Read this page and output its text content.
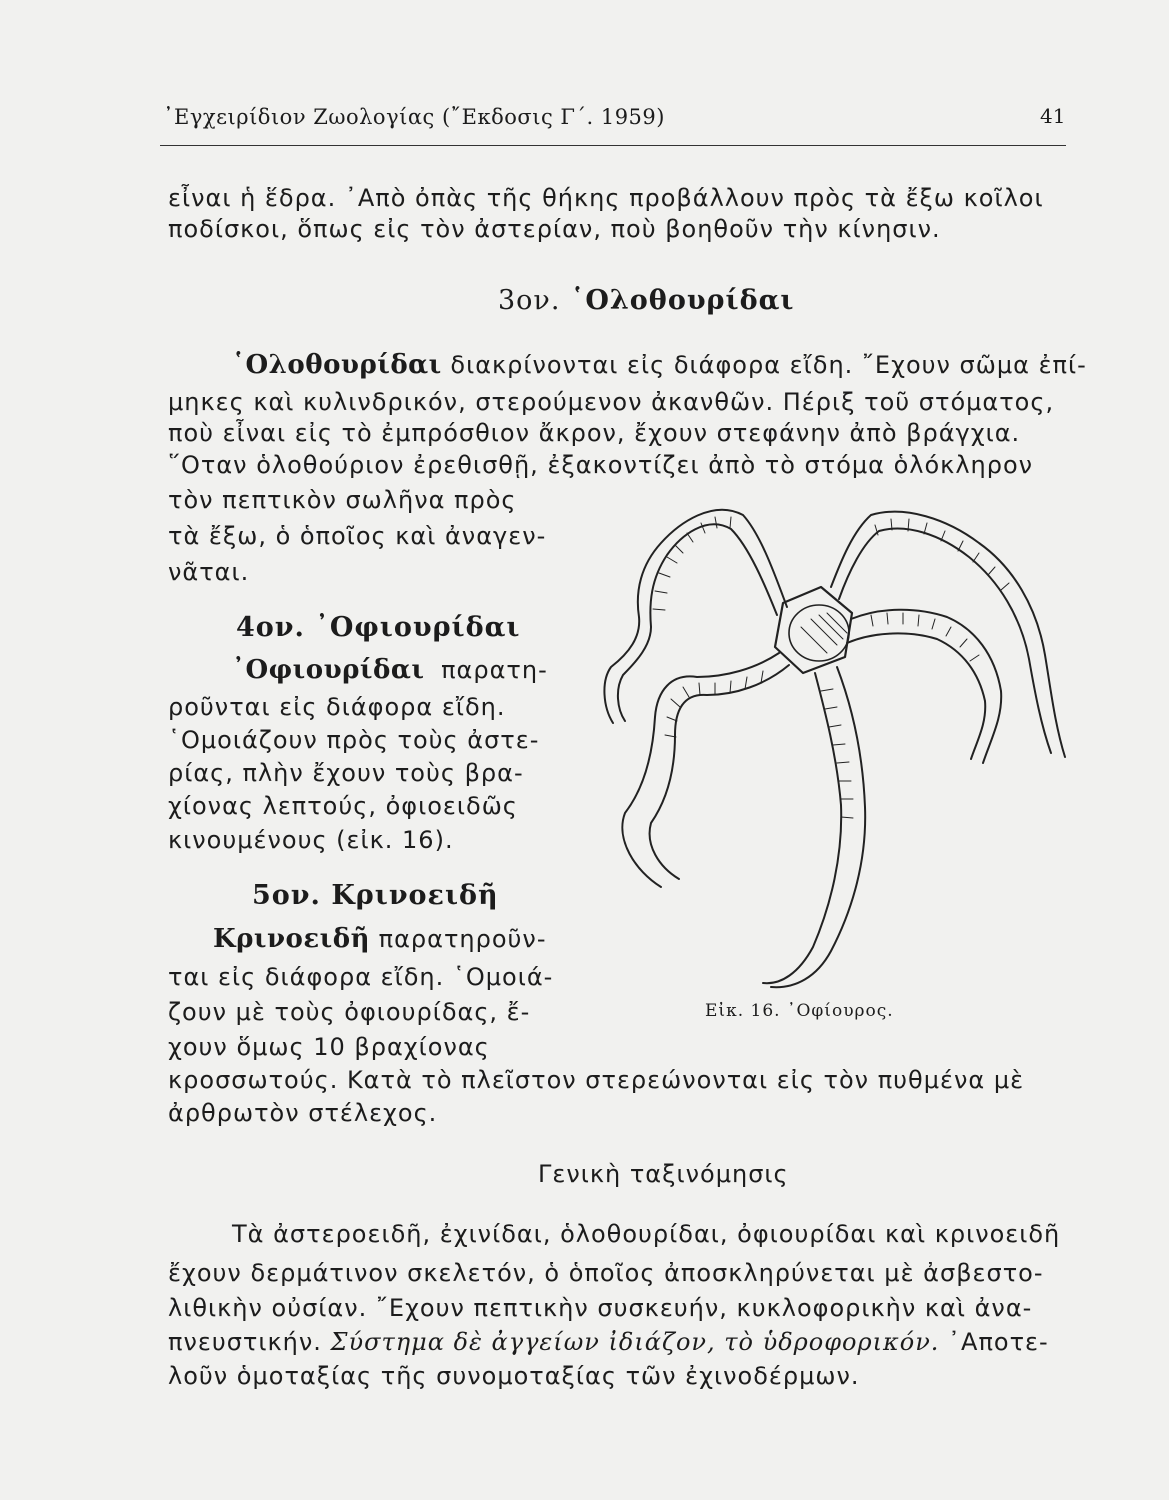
᾿Εγχειρίδιον Ζωολογίας (῎Εκδοσις Γ΄. 1959)	41
εἶναι ἡ ἕδρα. ᾿Απὸ ὀπὰς τῆς θήκης προβάλλουν πρὸς τὰ ἔξω κοῖλοι
ποδίσκοι, ὅπως εἰς τὸν ἀστερίαν, ποὺ βοηθοῦν τὴν κίνησιν.
3ον. ῾Ολοθουρίδαι
῾Ολοθουρίδαι διακρίνονται εἰς διάφορα εἴδη. ῎Εχουν σῶμα ἐπί-
μηκες καὶ κυλινδρικόν, στερούμενον ἀκανθῶν. Πέριξ τοῦ στόματος,
ποὺ εἶναι εἰς τὸ ἐμπρόσθιον ἄκρον, ἔχουν στεφάνην ἀπὸ βράγχια.
῞Οταν ὁλοθούριον ἐρεθισθῇ, ἐξακοντίζει ἀπὸ τὸ στόμα ὁλόκληρον
τὸν πεπτικὸν σωλῆνα πρὸς
τὰ ἔξω, ὁ ὁποῖος καὶ ἀναγεν-
νᾶται.
4ον. ᾿Οφιουρίδαι
᾿Οφιουρίδαι παρατη-
ροῦνται εἰς διάφορα εἴδη.
῾Ομοιάζουν πρὸς τοὺς ἀστε-
ρίας, πλὴν ἔχουν τοὺς βρα-
χίονας λεπτούς, ὀφιοειδῶς
κινουμένους (εἰκ. 16).
5ον. Κρινοειδῆ
Κρινοειδῆ παρατηροῦν-
ται εἰς διάφορα εἴδη. ῾Ομοιά-
ζουν μὲ τοὺς ὀφιουρίδας, ἔ-
χουν ὅμως 10 βραχίονας
κροσσωτούς. Κατὰ τὸ πλεῖστον στερεώνονται εἰς τὸν πυθμένα μὲ
ἀρθρωτὸν στέλεχος.
Γενικὴ ταξινόμησις
Τὰ ἀστεροειδῆ, ἐχινίδαι, ὁλοθουρίδαι, ὀφιουρίδαι καὶ κρινοειδῆ
ἔχουν δερμάτινον σκελετόν, ὁ ὁποῖος ἀποσκληρύνεται μὲ ἀσβεστο-
λιθικὴν οὐσίαν. ῎Εχουν πεπτικὴν συσκευήν, κυκλοφορικὴν καὶ ἀνα-
πνευστικήν. Σύστημα δὲ ἀγγείων ἰδιάζον, τὸ ὑδροφορικόν. ᾿Αποτε-
λοῦν ὁμοταξίας τῆς συνομοταξίας τῶν ἐχινοδέρμων.
Εἰκ. 16. ᾿Οφίουρος.
